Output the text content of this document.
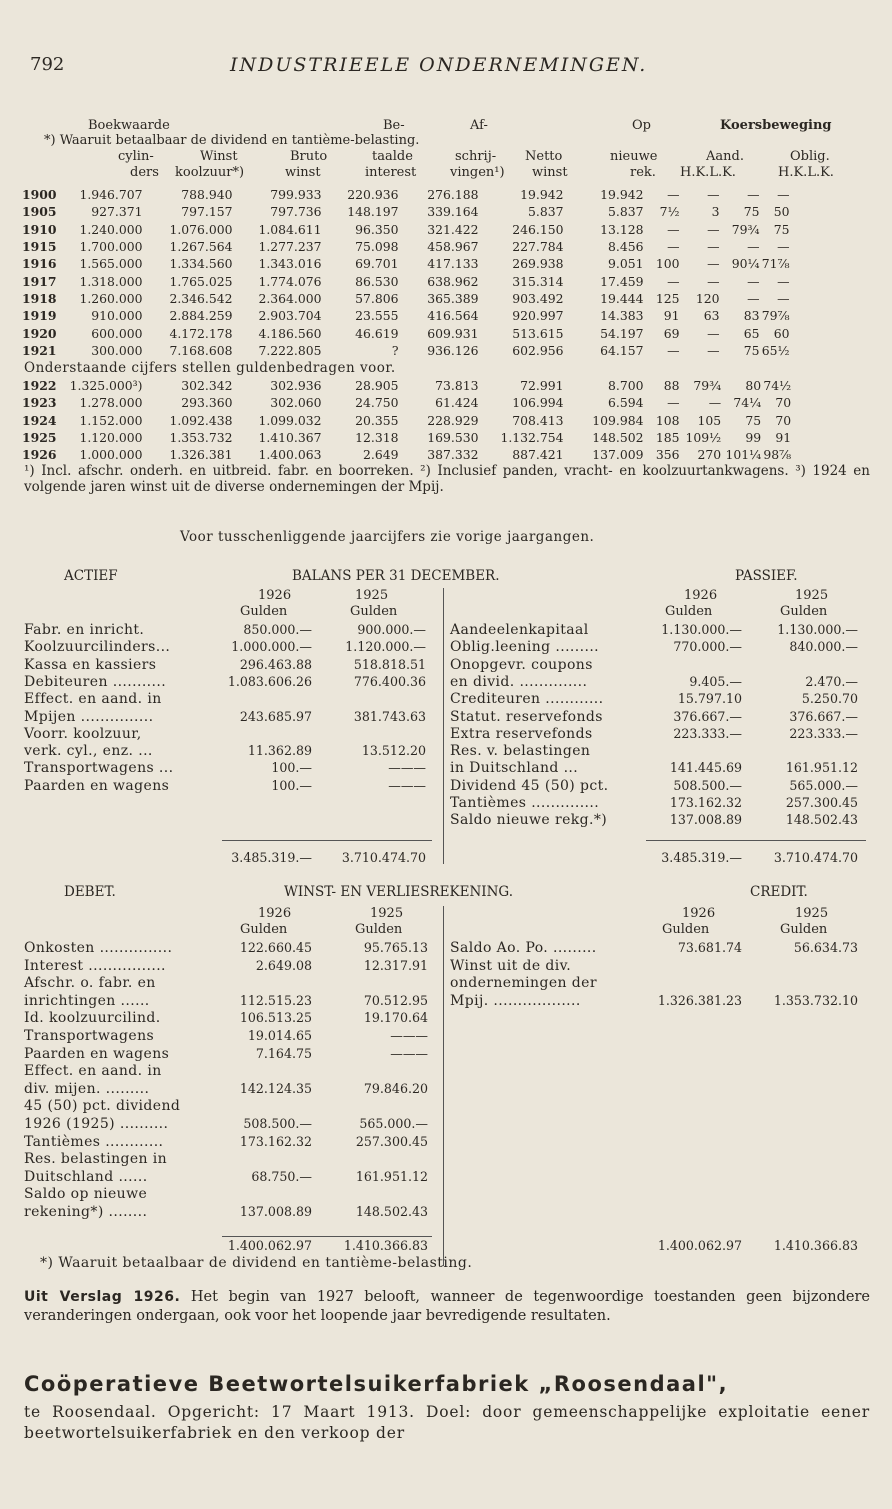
792	INDUSTRIEELE ONDERNEMINGEN.
Boekwaarde	Be-	Af-	Op	Koersbeweging
*) Waaruit betaalbaar de dividend en tantième-belasting.
cylin-	Winst	Bruto	taalde	schrij- Netto	nieuwe	Aand.	Oblig.
ders koolzuur*)	winst	interest	vingen¹) winst	rek. H.K.L.K.	H.K.L.K.
1900	1.946.707	788.940	799.933	220.936	276.188	19.942	19.942	—	—	—	—
1905	927.371	797.157	797.736	148.197	339.164	5.837	5.837	7½	3	75	50
1910	1.240.000	1.076.000	1.084.611	96.350	321.422	246.150	13.128	—	—	79¾	75
1915	1.700.000	1.267.564	1.277.237	75.098	458.967	227.784	8.456	—	—	—	—
1916	1.565.000	1.334.560	1.343.016	69.701	417.133	269.938	9.051	100	—	90¼	71⅞
1917	1.318.000	1.765.025	1.774.076	86.530	638.962	315.314	17.459	—	—	—	—
1918	1.260.000	2.346.542	2.364.000	57.806	365.389	903.492	19.444	125	120	—	—
1919	910.000	2.884.259	2.903.704	23.555	416.564	920.997	14.383	91	63	83	79⅞
1920	600.000	4.172.178	4.186.560	46.619	609.931	513.615	54.197	69	—	65	60
1921	300.000	7.168.608	7.222.805	?	936.126	602.956	64.157	—	—	75	65½
Onderstaande cijfers stellen guldenbedragen voor.
1922	1.325.000³)	302.342	302.936	28.905	73.813	72.991	8.700	88	79¾	80	74½
1923	1.278.000	293.360	302.060	24.750	61.424	106.994	6.594	—	—	74¼	70
1924	1.152.000	1.092.438	1.099.032	20.355	228.929	708.413	109.984	108	105	75	70
1925	1.120.000	1.353.732	1.410.367	12.318	169.530	1.132.754	148.502	185	109½	99	91
1926	1.000.000	1.326.381	1.400.063	2.649	387.332	887.421	137.009	356	270	101¼	98⅞
¹) Incl. afschr. onderh. en uitbreid. fabr. en boorreken. ²) Inclusief panden, vracht- en koolzuurtankwagens. ³) 1924 en volgende jaren winst uit de diverse ondernemingen der Mpij.
Voor tusschenliggende jaarcijfers zie vorige jaargangen.
ACTIEF	BALANS PER 31 DECEMBER.	PASSIEF.
1926	1925
Gulden	Gulden
1926	1925
Gulden	Gulden
Fabr. en inricht.	850.000.—	900.000.—
Koolzuurcilinders...	1.000.000.—	1.120.000.—
Kassa en kassiers	296.463.88	518.818.51
Debiteuren ...........	1.083.606.26	776.400.36
Effect. en aand. in
Mpijen ...............	243.685.97	381.743.63
Voorr. koolzuur,
verk. cyl., enz. ...	11.362.89	13.512.20
Transportwagens ...	100.—	———
Paarden en wagens	100.—	———
Aandeelenkapitaal	1.130.000.—	1.130.000.—
Oblig.leening .........	770.000.—	840.000.—
Onopgevr. coupons
en divid. ..............	9.405.—	2.470.—
Crediteuren ............	15.797.10	5.250.70
Statut. reservefonds	376.667.—	376.667.—
Extra reservefonds	223.333.—	223.333.—
Res. v. belastingen
in Duitschland ...	141.445.69	161.951.12
Dividend 45 (50) pct.	508.500.—	565.000.—
Tantièmes ..............	173.162.32	257.300.45
Saldo nieuwe rekg.*)	137.008.89	148.502.43
3.485.319.—	3.710.474.70	3.485.319.—	3.710.474.70
DEBET.	WINST- EN VERLIESREKENING.	CREDIT.
1926	1925
Gulden	Gulden
1926	1925
Gulden	Gulden
Onkosten ...............	122.660.45	95.765.13
Interest ................	2.649.08	12.317.91
Afschr. o. fabr. en
inrichtingen ......	112.515.23	70.512.95
Id. koolzuurcilind.	106.513.25	19.170.64
Transportwagens	19.014.65	———
Paarden en wagens	7.164.75	———
Effect. en aand. in
div. mijen. .........	142.124.35	79.846.20
45 (50) pct. dividend
1926 (1925) ..........	508.500.—	565.000.—
Tantièmes ............	173.162.32	257.300.45
Res. belastingen in
Duitschland ......	68.750.—	161.951.12
Saldo op nieuwe
rekening*) ........	137.008.89	148.502.43
Saldo Ao. Po. .........	73.681.74	56.634.73
Winst uit de div.
ondernemingen der
Mpij. ..................	1.326.381.23	1.353.732.10
1.400.062.97	1.410.366.83	1.400.062.97	1.410.366.83
*) Waaruit betaalbaar de dividend en tantième-belasting.
Uit Verslag 1926. Het begin van 1927 belooft, wanneer de tegenwoordige toestanden geen bijzondere veranderingen ondergaan, ook voor het loopende jaar bevredigende resultaten.
Coöperatieve Beetwortelsuikerfabriek „Roosendaal",
te Roosendaal. Opgericht: 17 Maart 1913. Doel: door gemeenschappelijke exploitatie eener beetwortelsuikerfabriek en den verkoop der
